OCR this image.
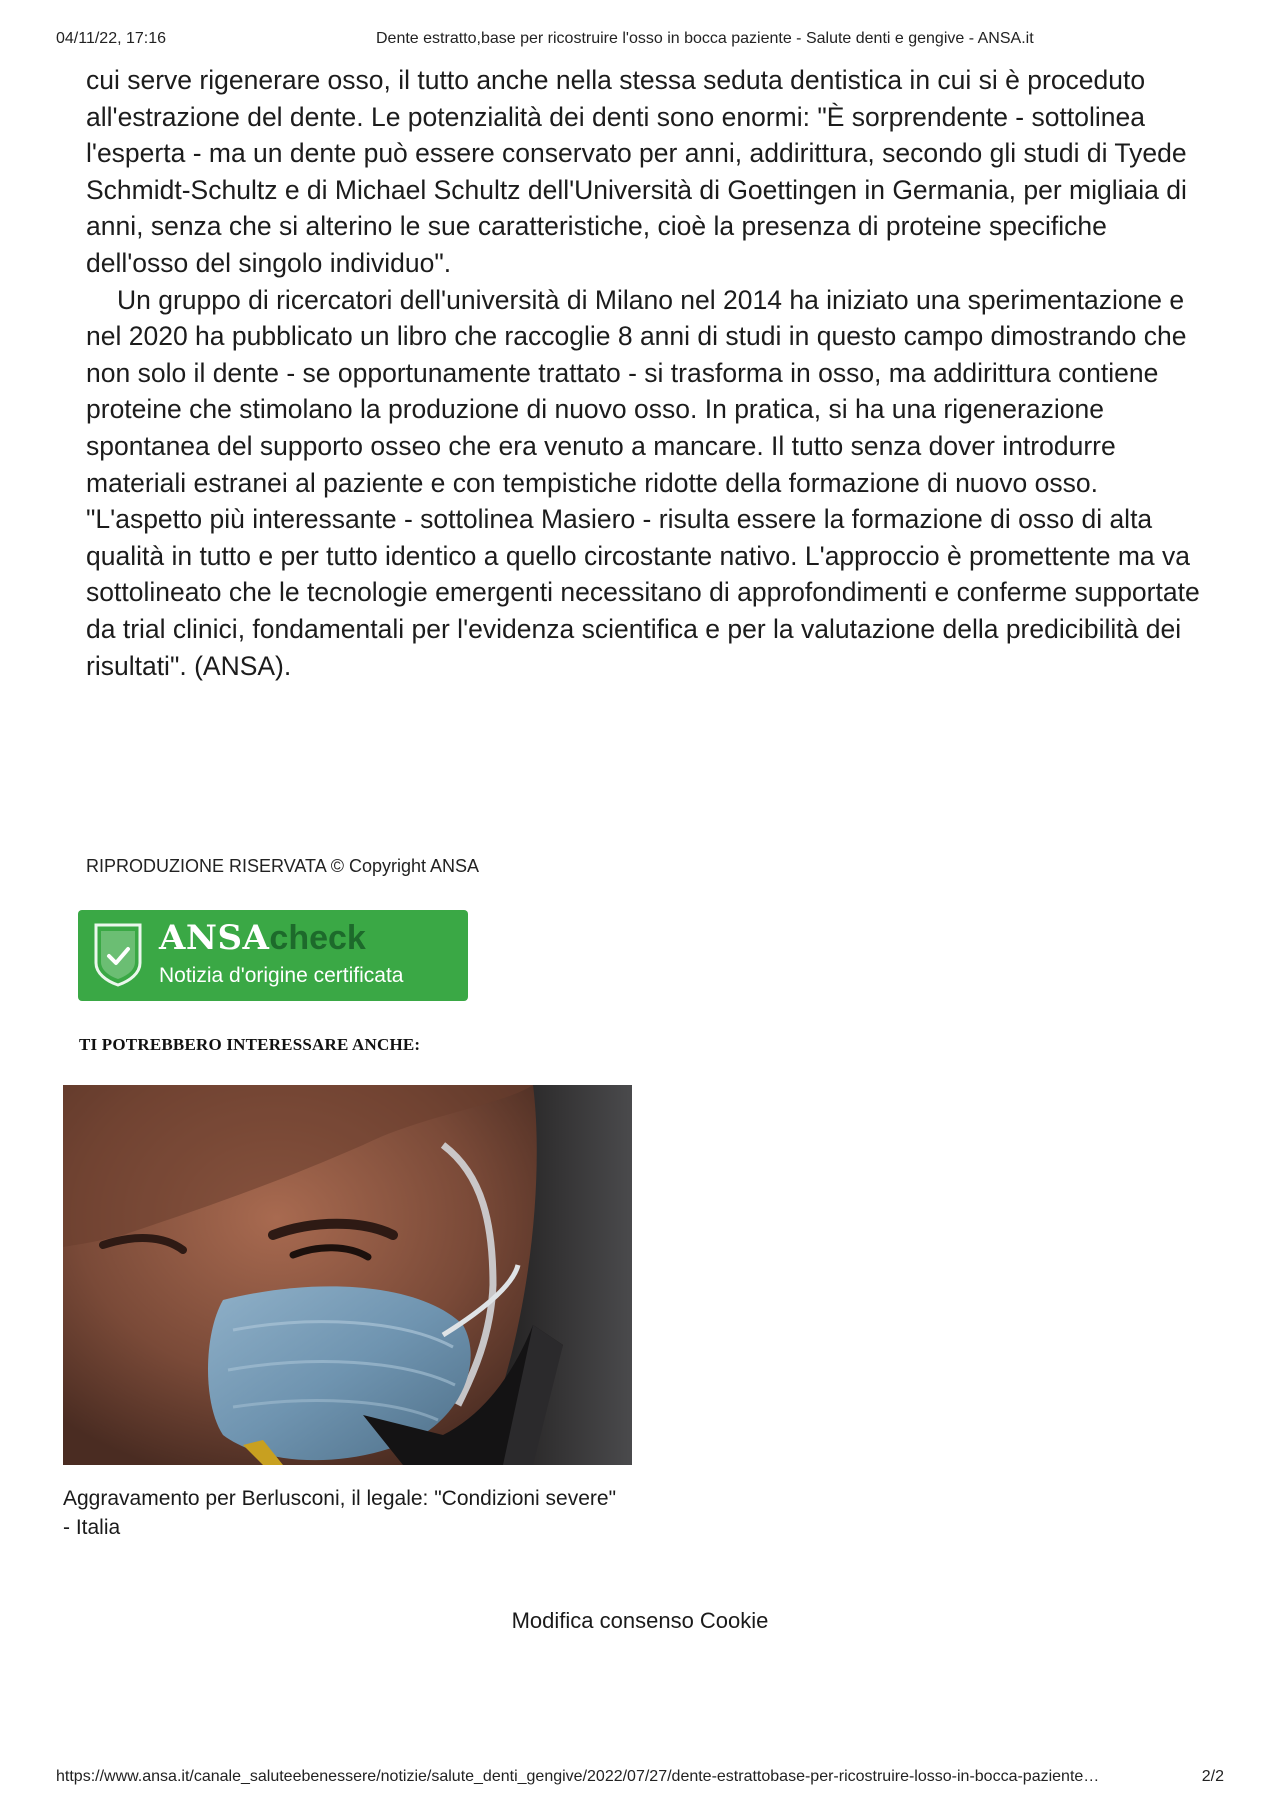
04/11/22, 17:16	Dente estratto,base per ricostruire l'osso in bocca paziente - Salute denti e gengive - ANSA.it

cui serve rigenerare osso, il tutto anche nella stessa seduta dentistica in cui si è proceduto all'estrazione del dente. Le potenzialità dei denti sono enormi: "È sorprendente - sottolinea l'esperta - ma un dente può essere conservato per anni, addirittura, secondo gli studi di Tyede Schmidt-Schultz e di Michael Schultz dell'Università di Goettingen in Germania, per migliaia di anni, senza che si alterino le sue caratteristiche, cioè la presenza di proteine specifiche dell'osso del singolo individuo".

Un gruppo di ricercatori dell'università di Milano nel 2014 ha iniziato una sperimentazione e nel 2020 ha pubblicato un libro che raccoglie 8 anni di studi in questo campo dimostrando che non solo il dente - se opportunamente trattato - si trasforma in osso, ma addirittura contiene proteine che stimolano la produzione di nuovo osso. In pratica, si ha una rigenerazione spontanea del supporto osseo che era venuto a mancare. Il tutto senza dover introdurre materiali estranei al paziente e con tempistiche ridotte della formazione di nuovo osso. "L'aspetto più interessante - sottolinea Masiero - risulta essere la formazione di osso di alta qualità in tutto e per tutto identico a quello circostante nativo. L'approccio è promettente ma va sottolineato che le tecnologie emergenti necessitano di approfondimenti e conferme supportate da trial clinici, fondamentali per l'evidenza scientifica e per la valutazione della predicibilità dei risultati". (ANSA).

RIPRODUZIONE RISERVATA © Copyright ANSA
ANSAcheck
Notizia d'origine certificata
TI POTREBBERO INTERESSARE ANCHE:
Aggravamento per Berlusconi, il legale: "Condizioni severe" - Italia
Modifica consenso Cookie
https://www.ansa.it/canale_saluteebenessere/notizie/salute_denti_gengive/2022/07/27/dente-estrattobase-per-ricostruire-losso-in-bocca-paziente…	2/2
